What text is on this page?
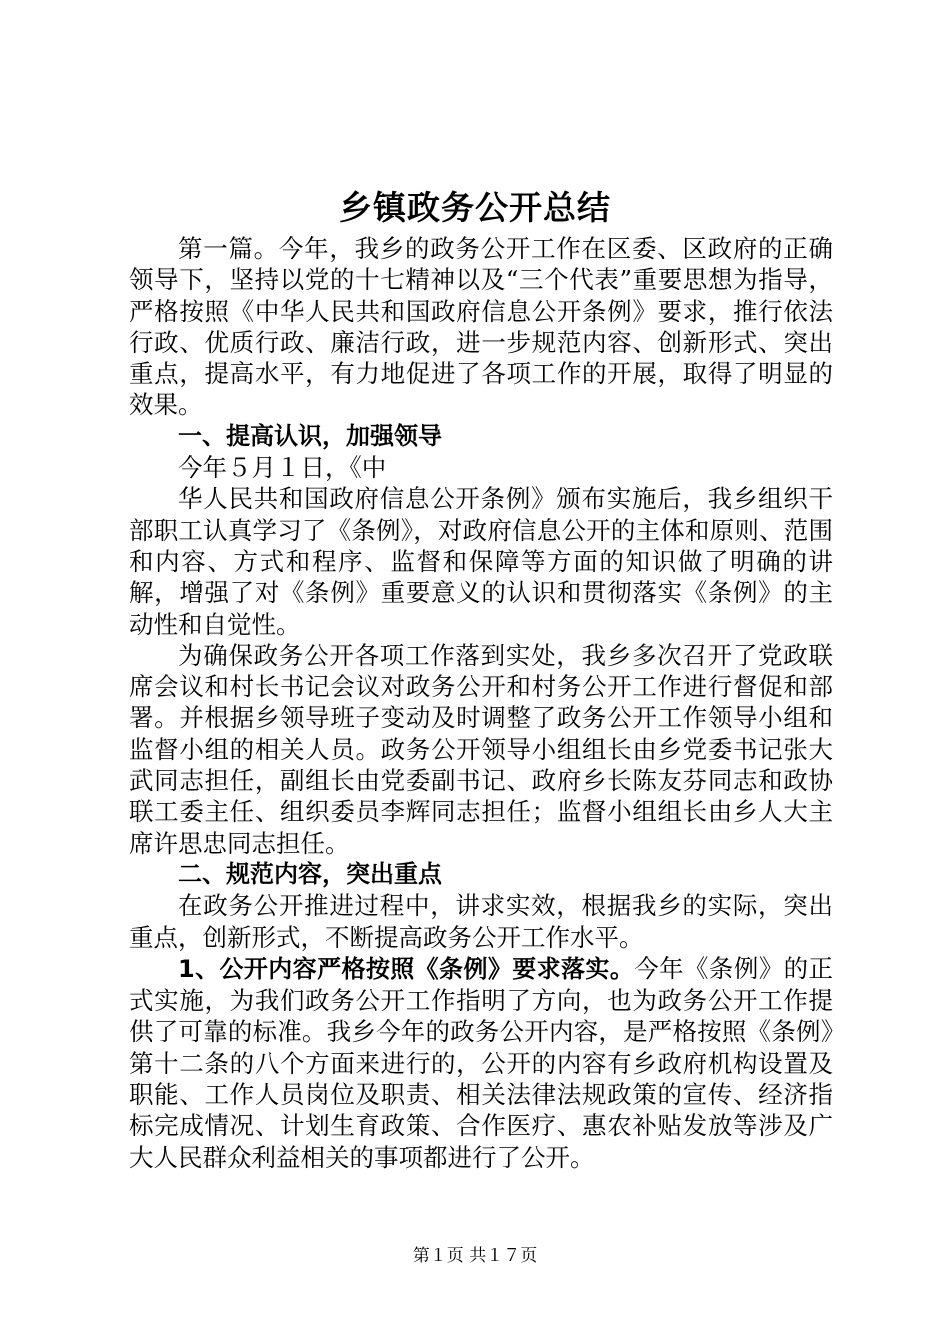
乡镇政务公开总结

第一篇。今年，我乡的政务公开工作在区委、区政府的正确领导下，坚持以党的十七精神以及“三个代表”重要思想为指导，严格按照《中华人民共和国政府信息公开条例》要求，推行依法行政、优质行政、廉洁行政，进一步规范内容、创新形式、突出重点，提高水平，有力地促进了各项工作的开展，取得了明显的效果。

一、提高认识，加强领导

今年５月１日，《中

华人民共和国政府信息公开条例》颁布实施后，我乡组织干部职工认真学习了《条例》，对政府信息公开的主体和原则、范围和内容、方式和程序、监督和保障等方面的知识做了明确的讲解，增强了对《条例》重要意义的认识和贯彻落实《条例》的主动性和自觉性。

为确保政务公开各项工作落到实处，我乡多次召开了党政联席会议和村长书记会议对政务公开和村务公开工作进行督促和部署。并根据乡领导班子变动及时调整了政务公开工作领导小组和监督小组的相关人员。政务公开领导小组组长由乡党委书记张大武同志担任，副组长由党委副书记、政府乡长陈友芬同志和政协联工委主任、组织委员李辉同志担任；监督小组组长由乡人大主席许思忠同志担任。

二、规范内容，突出重点

在政务公开推进过程中，讲求实效，根据我乡的实际，突出重点，创新形式，不断提高政务公开工作水平。

1、公开内容严格按照《条例》要求落实。今年《条例》的正式实施，为我们政务公开工作指明了方向，也为政务公开工作提供了可靠的标准。我乡今年的政务公开内容，是严格按照《条例》第十二条的八个方面来进行的，公开的内容有乡政府机构设置及职能、工作人员岗位及职责、相关法律法规政策的宣传、经济指标完成情况、计划生育政策、合作医疗、惠农补贴发放等涉及广大人民群众利益相关的事项都进行了公开。

第１页 共１７页
